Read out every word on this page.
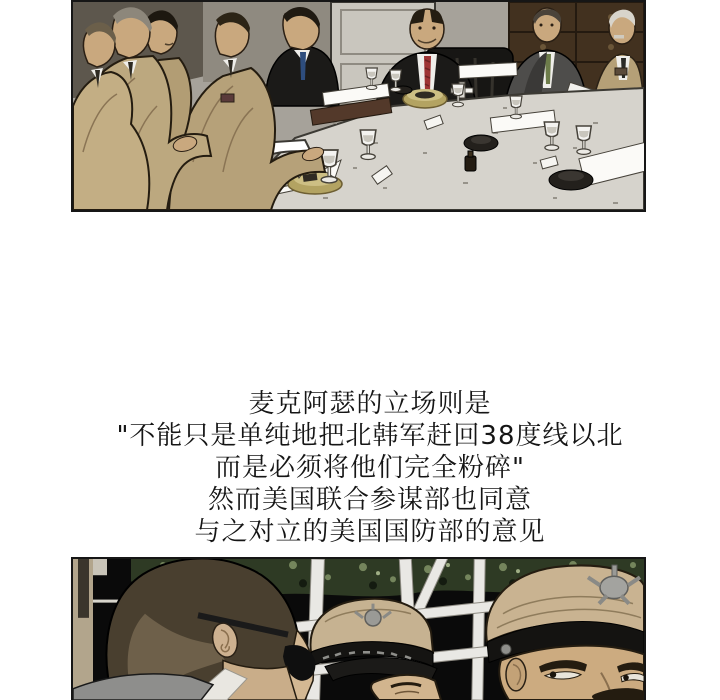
麦克阿瑟的立场则是
"不能只是单纯地把北韩军赶回38度线以北
而是必须将他们完全粉碎"
然而美国联合参谋部也同意
与之对立的美国国防部的意见
